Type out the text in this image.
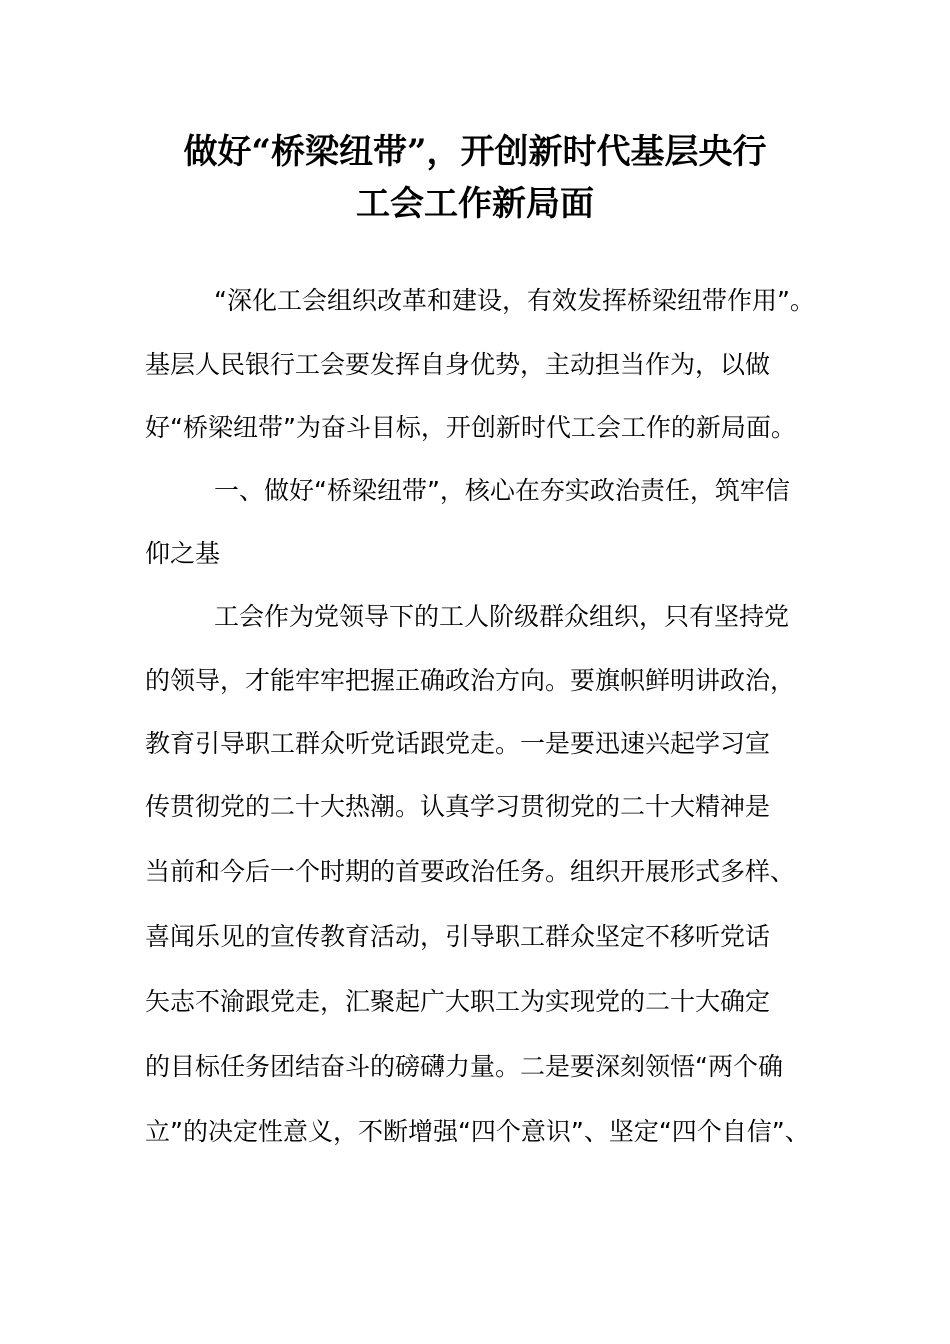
做好“桥梁纽带”，开创新时代基层央行
工会工作新局面
“深化工会组织改革和建设，有效发挥桥梁纽带作用”。
基层人民银行工会要发挥自身优势，主动担当作为，以做
好“桥梁纽带”为奋斗目标，开创新时代工会工作的新局面。
一、做好“桥梁纽带”，核心在夯实政治责任，筑牢信
仰之基
工会作为党领导下的工人阶级群众组织，只有坚持党
的领导，才能牢牢把握正确政治方向。要旗帜鲜明讲政治，
教育引导职工群众听党话跟党走。一是要迅速兴起学习宣
传贯彻党的二十大热潮。认真学习贯彻党的二十大精神是
当前和今后一个时期的首要政治任务。组织开展形式多样、
喜闻乐见的宣传教育活动，引导职工群众坚定不移听党话
矢志不渝跟党走，汇聚起广大职工为实现党的二十大确定
的目标任务团结奋斗的磅礴力量。二是要深刻领悟“两个确
立”的决定性意义，不断增强“四个意识”、坚定“四个自信”、
